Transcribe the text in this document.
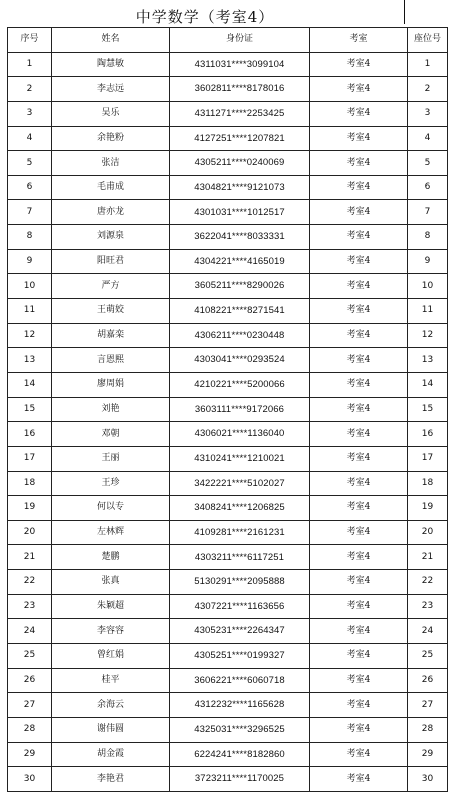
中学数学（考室4）
序号	姓名	身份证	考室	座位号
1	陶慧敏	4311031****3099104	考室4	1
2	李志远	3602811****8178016	考室4	2
3	吴乐	4311271****2253425	考室4	3
4	余艳粉	4127251****1207821	考室4	4
5	张洁	4305211****0240069	考室4	5
6	毛甫成	4304821****9121073	考室4	6
7	唐亦龙	4301031****1012517	考室4	7
8	刘源泉	3622041****8033331	考室4	8
9	阳旺君	4304221****4165019	考室4	9
10	严方	3605211****8290026	考室4	10
11	王萌姣	4108221****8271541	考室4	11
12	胡嘉栾	4306211****0230448	考室4	12
13	言恩熙	4303041****0293524	考室4	13
14	廖周娟	4210221****5200066	考室4	14
15	刘艳	3603111****9172066	考室4	15
16	邓朝	4306021****1136040	考室4	16
17	王丽	4310241****1210021	考室4	17
18	王珍	3422221****5102027	考室4	18
19	何以专	3408241****1206825	考室4	19
20	左林辉	4109281****2161231	考室4	20
21	楚鹏	4303211****6117251	考室4	21
22	张真	5130291****2095888	考室4	22
23	朱颖超	4307221****1163656	考室4	23
24	李容容	4305231****2264347	考室4	24
25	曾红娟	4305251****0199327	考室4	25
26	桂平	3606221****6060718	考室4	26
27	余海云	4312232****1165628	考室4	27
28	谢伟圆	4325031****3296525	考室4	28
29	胡金霞	6224241****8182860	考室4	29
30	李艳君	3723211****1170025	考室4	30
